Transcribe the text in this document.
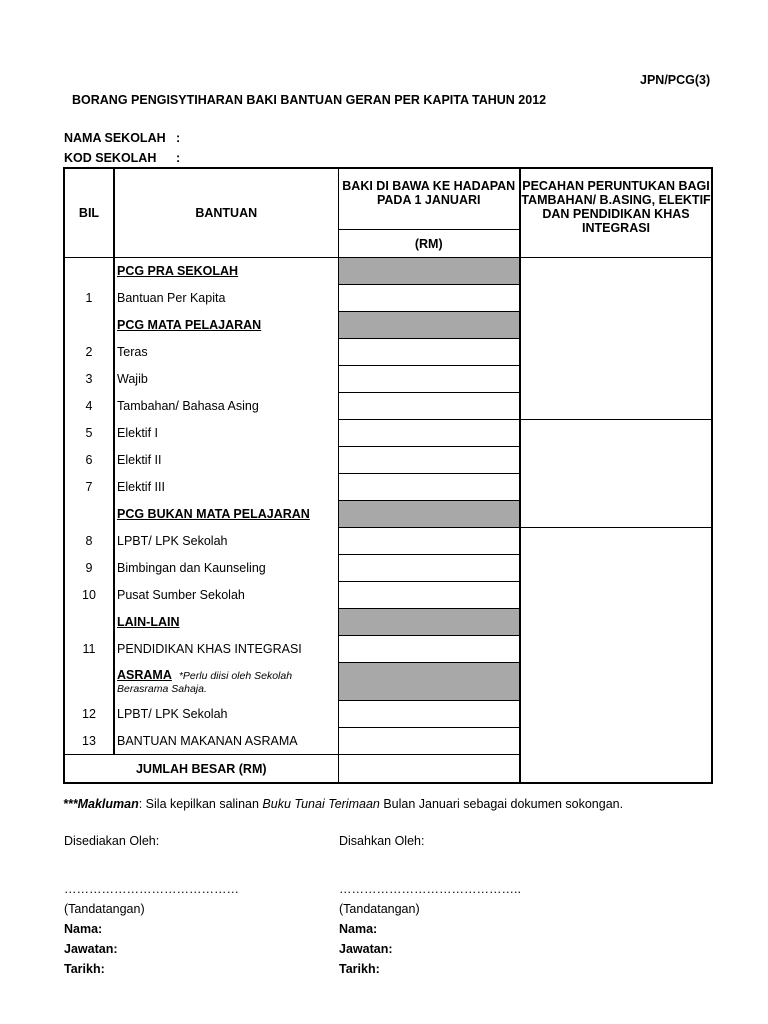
JPN/PCG(3)
BORANG PENGISYTIHARAN BAKI BANTUAN GERAN PER KAPITA TAHUN 2012
NAMA SEKOLAH :
KOD SEKOLAH :
BIL	BANTUAN	BAKI DI BAWA KE HADAPAN PADA 1 JANUARI	PECAHAN PERUNTUKAN BAGI TAMBAHAN/ B.ASING, ELEKTIF DAN PENDIDIKAN KHAS INTEGRASI
		(RM)	
	PCG PRA SEKOLAH		
1	Bantuan Per Kapita		
	PCG MATA PELAJARAN		
2	Teras		
3	Wajib		
4	Tambahan/ Bahasa Asing		
5	Elektif I		
6	Elektif II		
7	Elektif III		
	PCG BUKAN MATA PELAJARAN		
8	LPBT/ LPK Sekolah		
9	Bimbingan dan Kaunseling		
10	Pusat Sumber Sekolah		
	LAIN-LAIN		
11	PENDIDIKAN KHAS INTEGRASI		
	ASRAMA *Perlu diisi oleh Sekolah Berasrama Sahaja.		
12	LPBT/ LPK Sekolah		
13	BANTUAN MAKANAN ASRAMA		
JUMLAH BESAR (RM)			
***Makluman: Sila kepilkan salinan Buku Tunai Terimaan Bulan Januari sebagai dokumen sokongan.
Disediakan Oleh:
……………………………………
(Tandatangan)
Nama:
Jawatan:
Tarikh:
Disahkan Oleh:
……………………………………..
(Tandatangan)
Nama:
Jawatan:
Tarikh:
